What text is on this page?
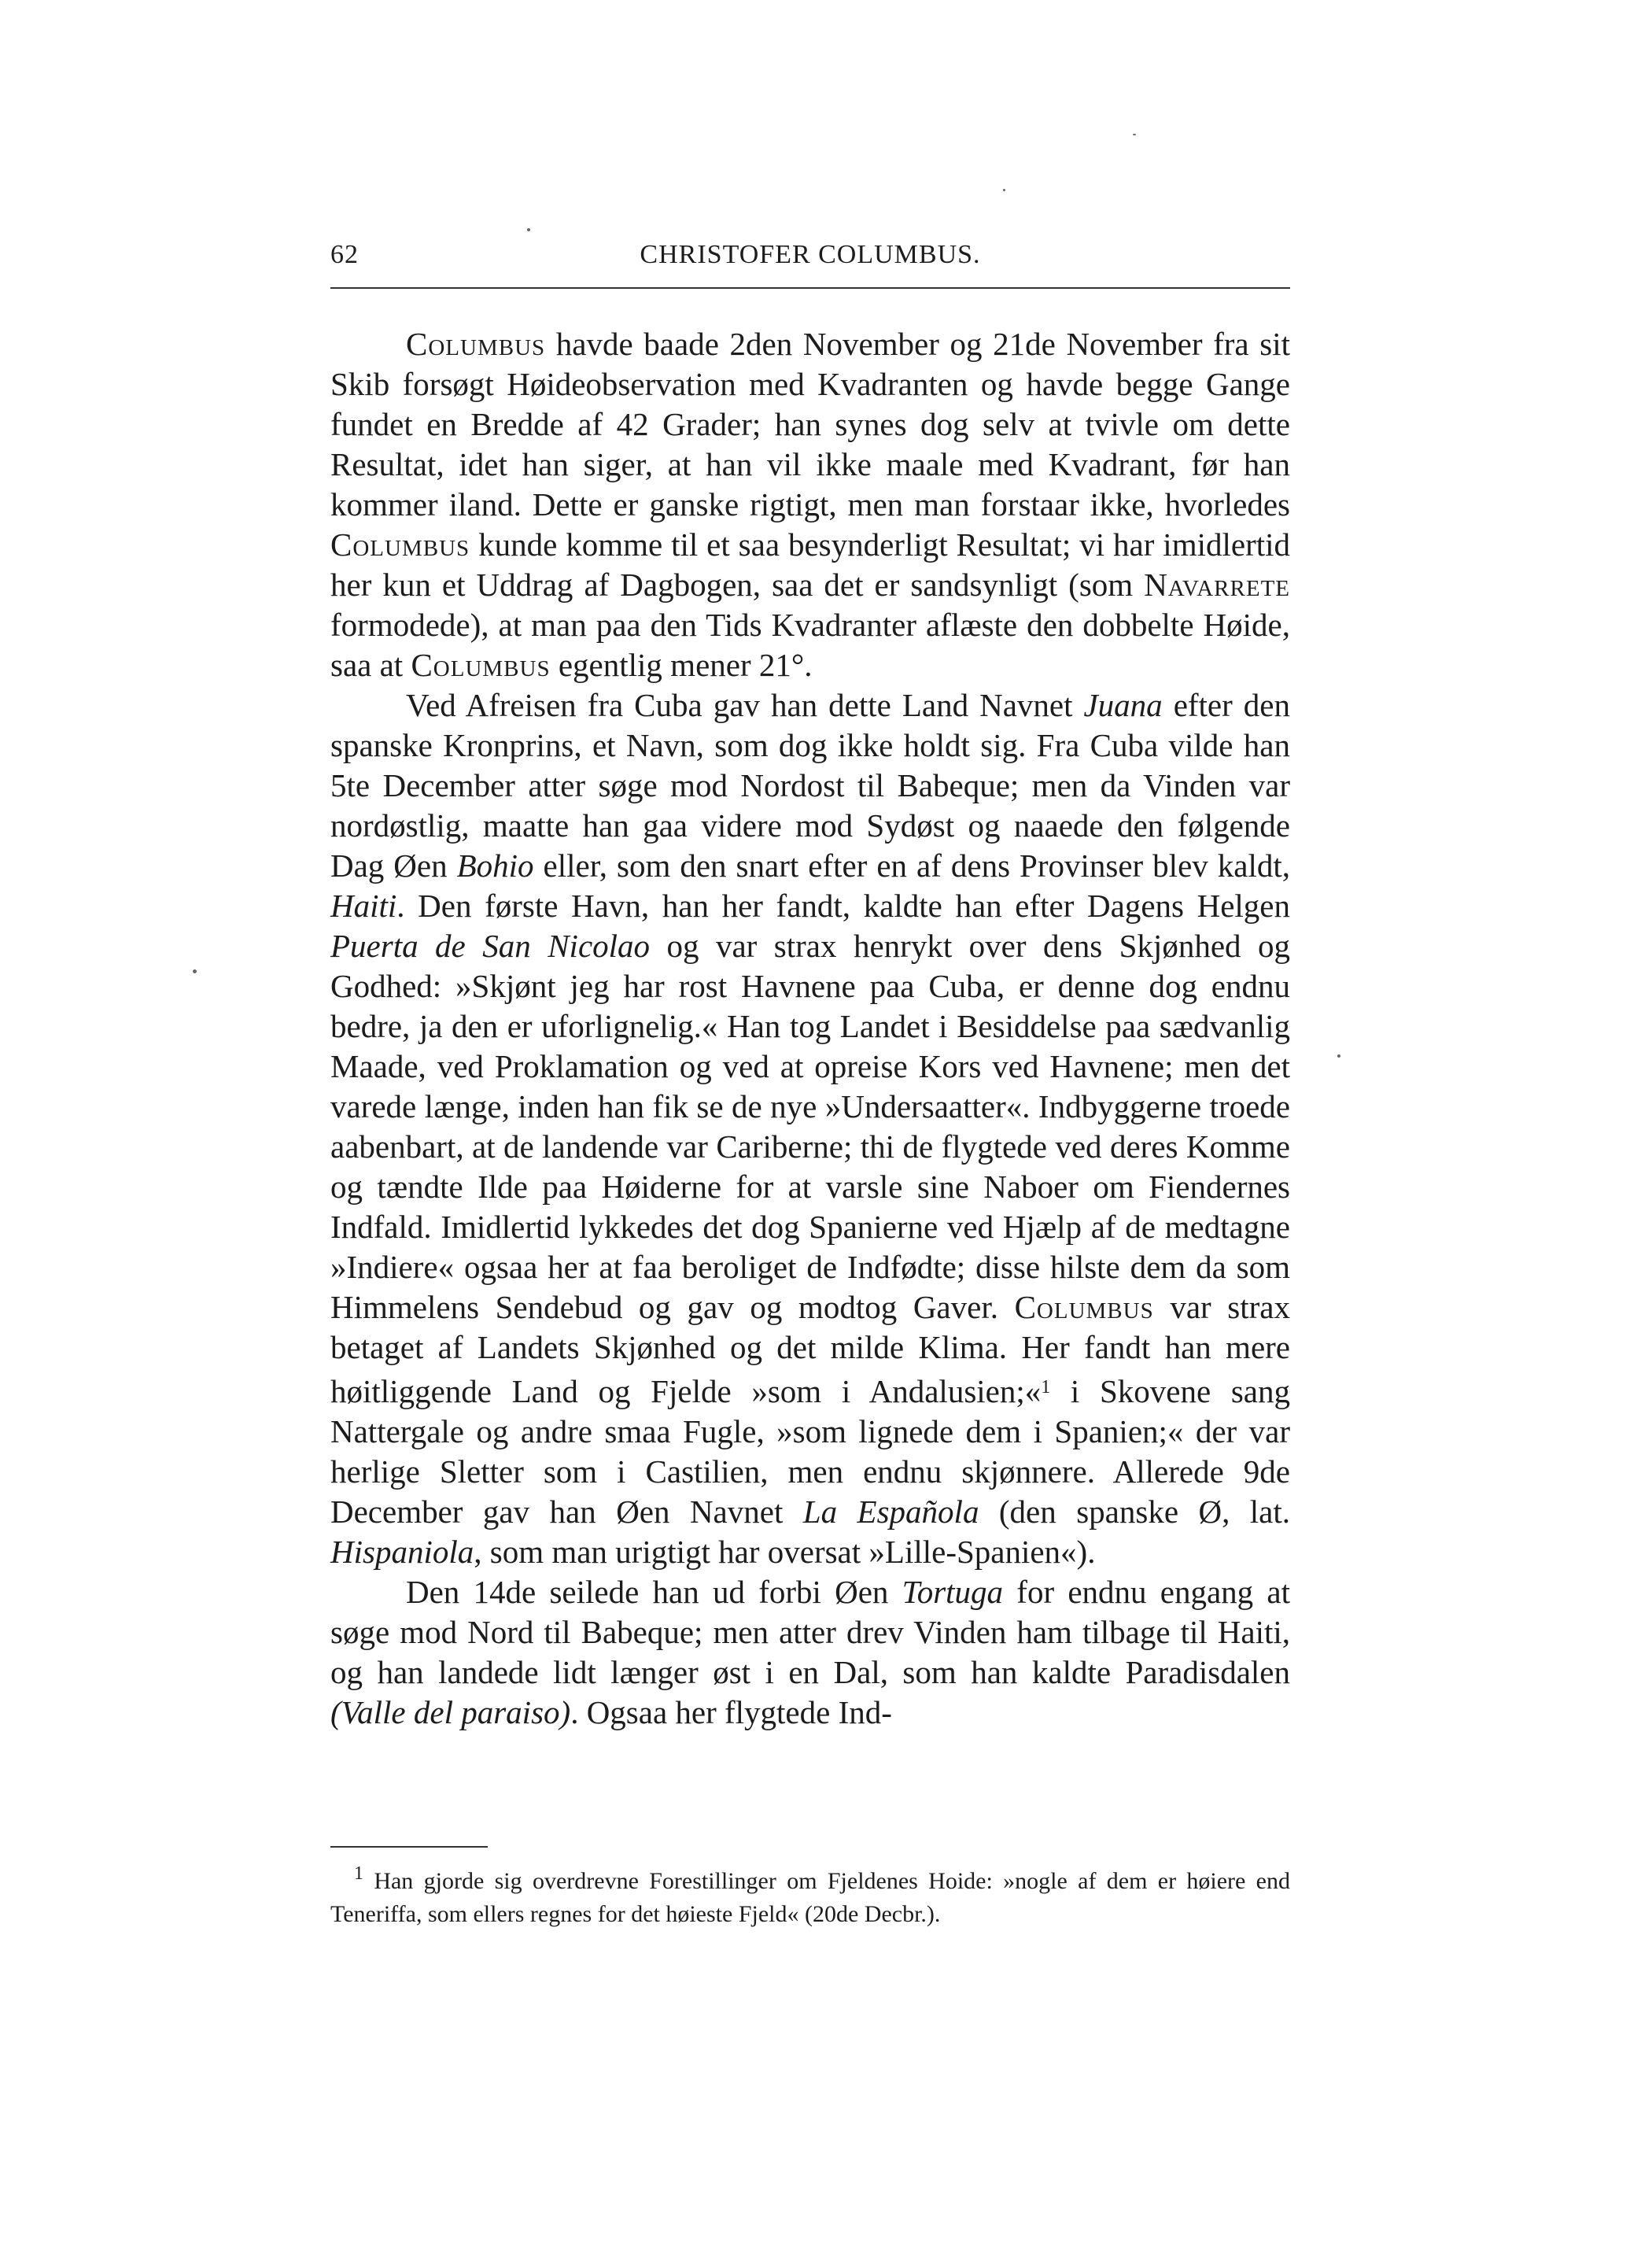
62	CHRISTOFER COLUMBUS.

Columbus havde baade 2den November og 21de November fra sit Skib forsøgt Høideobservation med Kvadranten og havde begge Gange fundet en Bredde af 42 Grader; han synes dog selv at tvivle om dette Resultat, idet han siger, at han vil ikke maale med Kvadrant, før han kommer iland. Dette er ganske rigtigt, men man forstaar ikke, hvorledes Columbus kunde komme til et saa besynderligt Resultat; vi har imidlertid her kun et Uddrag af Dagbogen, saa det er sandsynligt (som Navarrete formodede), at man paa den Tids Kvadranter aflæste den dobbelte Høide, saa at Columbus egentlig mener 21°.

Ved Afreisen fra Cuba gav han dette Land Navnet Juana efter den spanske Kronprins, et Navn, som dog ikke holdt sig. Fra Cuba vilde han 5te December atter søge mod Nordost til Babeque; men da Vinden var nordøstlig, maatte han gaa videre mod Sydøst og naaede den følgende Dag Øen Bohio eller, som den snart efter en af dens Provinser blev kaldt, Haiti. Den første Havn, han her fandt, kaldte han efter Dagens Helgen Puerta de San Nicolao og var strax henrykt over dens Skjønhed og Godhed: »Skjønt jeg har rost Havnene paa Cuba, er denne dog endnu bedre, ja den er uforlignelig.« Han tog Landet i Besiddelse paa sædvanlig Maade, ved Proklamation og ved at opreise Kors ved Havnene; men det varede længe, inden han fik se de nye »Undersaatter«. Indbyggerne troede aabenbart, at de landende var Cariberne; thi de flygtede ved deres Komme og tændte Ilde paa Høiderne for at varsle sine Naboer om Fiendernes Indfald. Imidlertid lykkedes det dog Spanierne ved Hjælp af de medtagne »Indiere« ogsaa her at faa beroliget de Indfødte; disse hilste dem da som Himmelens Sendebud og gav og modtog Gaver. Columbus var strax betaget af Landets Skjønhed og det milde Klima. Her fandt han mere høitliggende Land og Fjelde »som i Andalusien;«$^1$ i Skovene sang Nattergale og andre smaa Fugle, »som lignede dem i Spanien;« der var herlige Sletter som i Castilien, men endnu skjønnere. Allerede 9de December gav han Øen Navnet La Española (den spanske Ø, lat. Hispaniola, som man urigtigt har oversat »Lille-Spanien«).

Den 14de seilede han ud forbi Øen Tortuga for endnu engang at søge mod Nord til Babeque; men atter drev Vinden ham tilbage til Haiti, og han landede lidt længer øst i en Dal, som han kaldte Paradisdalen (Valle del paraiso). Ogsaa her flygtede Ind-

$^1$ Han gjorde sig overdrevne Forestillinger om Fjeldenes Hoide: »nogle af dem er høiere end Teneriffa, som ellers regnes for det høieste Fjeld« (20de Decbr.).
